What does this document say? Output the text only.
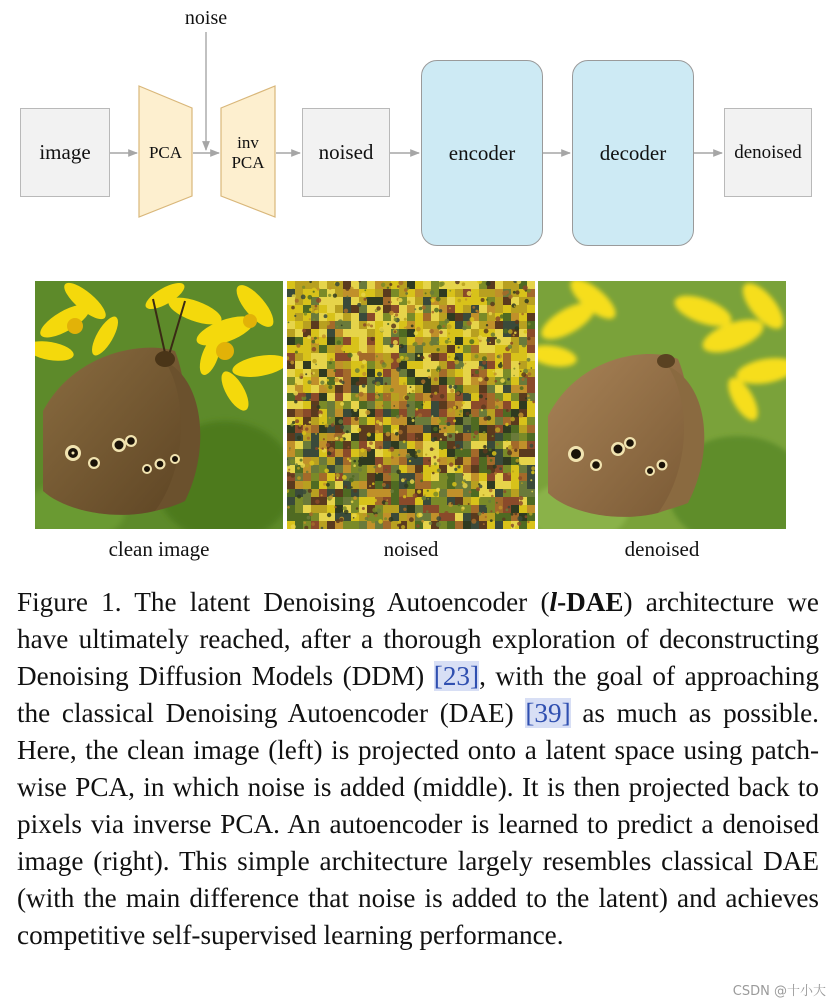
noise
image	PCA
inv
PCA	noised	encoder	decoder	denoised
clean image	noised	denoised
Figure 1. The latent Denoising Autoencoder (l-DAE) architecture we have ultimately reached, after a thorough exploration of deconstructing Denoising Diffusion Models (DDM) [23], with the goal of approaching the classical Denoising Autoencoder (DAE) [39] as much as possible. Here, the clean image (left) is projected onto a latent space using patch-wise PCA, in which noise is added (middle). It is then projected back to pixels via inverse PCA. An autoencoder is learned to predict a denoised image (right). This simple architecture largely resembles classical DAE (with the main difference that noise is added to the latent) and achieves competitive self-supervised learning performance.
CSDN @十小大
